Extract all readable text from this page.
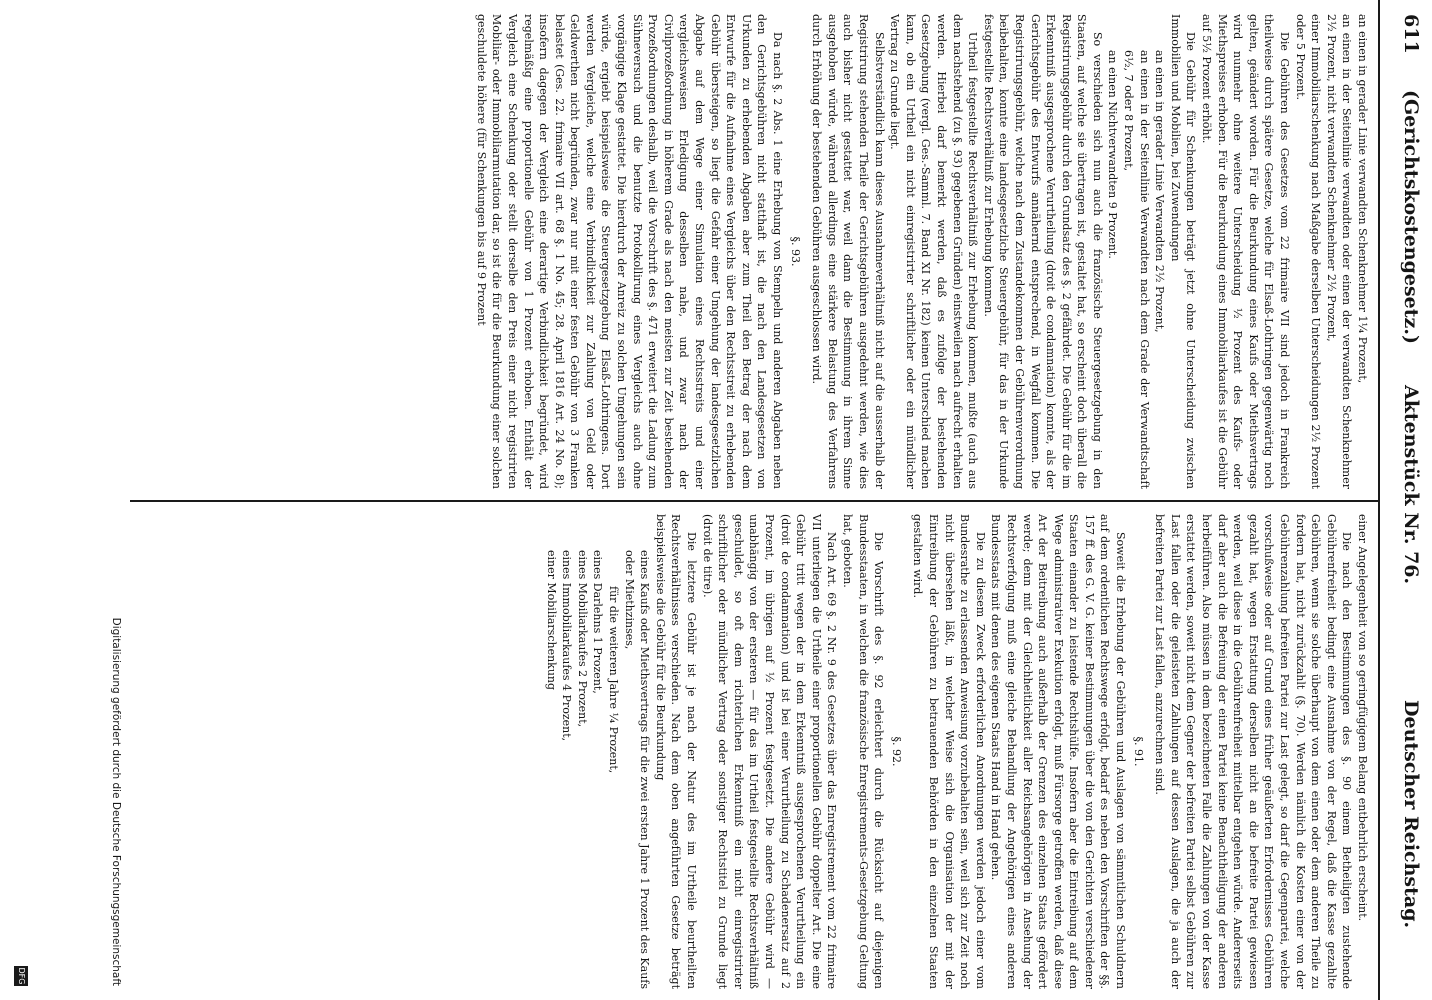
611
(Gerichtskostengesetz.)
Aktenstück Nr. 76.
Deutscher Reichstag.

an einen in gerader Linie verwandten Schenknehmer 1¼ Prozent,

an einen in der Seitenlinie verwandten oder einen der verwandten Schenknehmer 2½ Prozent, nicht verwandten Schenknehmer 2½ Prozent,

einer Immobiliarschenkung nach Maßgabe derselben Unterscheidungen 2½ Prozent oder 5 Prozent.

Die Gebühren des Gesetzes vom 22 frimaire VII sind jedoch in Frankreich theilweise durch spätere Gesetze, welche für Elsaß-Lothringen gegenwärtig noch gelten, geändert worden. Für die Beurkundung eines Kaufs oder Miethsvertrags wird nunmehr ohne weitere Unterscheidung ½ Prozent des Kaufs- oder Miethspreises erhoben. Für die Beurkundung eines Immobiliarkaufes ist die Gebühr auf 5½ Prozent erhöht.

Die Gebühr für Schenkungen beträgt jetzt ohne Unterscheidung zwischen Immobilien und Mobilien, bei Zuwendungen

an einen in gerader Linie Verwandten 2½ Prozent,

an einen in der Seitenlinie Verwandten nach dem Grade der Verwandtschaft 6½, 7 oder 8 Prozent,

an einen Nichtverwandten 9 Prozent.

So verschieden sich nun auch die französische Steuergesetzgebung in den Staaten, auf welche sie übertragen ist, gestaltet hat, so erscheint doch überall die Registrirungsgebühr durch den Grundsatz des §. 2 gefährdet. Die Gebühr für die im Erkenntniß ausgesprochene Verurtheilung (droit de condamnation) konnte, als der Gerichtsgebühr des Entwurfs annähernd entsprechend, in Wegfall kommen. Die Registrirungsgebühr, welche nach dem Zustandekommen der Gebührenverordnung beibehalten, konnte eine landesgesetzliche Steuergebühr, für das in der Urkunde festgestellte Rechtsverhältniß zur Erhebung kommen.

Urtheil festgestellte Rechtsverhältniß zur Erhebung kommen, mußte (auch aus dem nachstehend (zu §. 93) gegebenen Gründen) einstweilen nach aufrecht erhalten werden. Hierbei darf bemerkt werden, daß es zufolge der bestehenden Gesetzgebung (vergl. Ges.-Samml. 7. Band XI Nr. 182) keinen Unterschied machen kann, ob ein Urtheil ein nicht einregistrirter schriftlicher oder ein mündlicher Vertrag zu Grunde liegt.

Selbstverständlich kann dieses Ausnahmeverhältniß nicht auf die ausserhalb der Registrirung stehenden Theile der Gerichtsgebühren ausgedehnt werden, wie dies auch bisher nicht gestattet war, weil dann die Bestimmung in ihrem Sinne ausgehoben würde, während allerdings eine stärkere Belastung des Verfahrens durch Erhöhung der bestehenden Gebühren ausgeschlossen wird.

§. 93.

Da nach §. 2 Abs. 1 eine Erhebung von Stempeln und anderen Abgaben neben den Gerichtsgebühren nicht statthaft ist, die nach den Landesgesetzen von Urkunden zu erhebenden Abgaben aber zum Theil den Betrag der nach dem Entwurfe für die Aufnahme eines Vergleichs über den Rechtsstreit zu erhebenden Gebühr übersteigen, so liegt die Gefahr einer Umgehung der landesgesetzlichen Abgabe auf dem Wege einer Simulation eines Rechtsstreits und einer vergleichsweisen Erledigung desselben nahe, und zwar nach der Civilprozeßordnung in höherem Grade als nach den meisten zur Zeit bestehenden Prozeßordnungen deshalb, weil die Vorschrift des §. 471 erweitert die Ladung zum Sühneversuch und die benutzte Protokollirung eines Vergleichs auch ohne vorgängige Klage gestattet. Die hierdurch der Anreiz zu solchen Umgehungen sein würde, ergiebt beispielsweise die Steuergesetzgebung Elsaß-Lothringens. Dort werden Vergleiche, welche eine Verbindlichkeit zur Zahlung von Geld oder Geldwerthen nicht begründen, zwar nur mit einer festen Gebühr von 3 Franken belastet (Ges. 22. frimaire VII art. 68 §. 1 No. 45; 28. April 1816 Art. 24 No. 8); insofern dagegen der Vergleich eine derartige Verbindlichkeit begründet, wird regelmäßig eine proportionelle Gebühr von 1 Prozent erhoben. Enthält der Vergleich eine Schenkung oder stellt derselbe den Preis einer nicht registrirten Mobiliar- oder Immobiliarmutation dar, so ist die für die Beurkundung einer solchen geschuldete höhere (für Schenkungen bis auf 9 Prozent

einer Angelegenheit von so geringfügigem Belang entbehrlich erscheint.

Die nach den Bestimmungen des §. 90 einem Betheiligten zustehende Gebührenfreiheit bedingt eine Ausnahme von der Regel, daß die Kasse gezahlte Gebühren, wenn sie solche überhaupt von dem einen oder dem anderen Theile zu fordern hat, nicht zurückzahlt (§. 70). Werden nämlich die Kosten einer von der Gebührenzahlung befreiten Partei zur Last gelegt, so darf die Gegenpartei, welche vorschußweise oder auf Grund eines früher geäußerten Erfordernisses Gebühren gezahlt hat, wegen Erstattung derselben nicht an die befreite Partei gewiesen werden, weil diese in die Gebührenfreiheit mittelbar entgehen würde. Andererseits darf aber auch die Befreiung der einen Partei keine Benachtheiligung der anderen herbeiführen. Also müssen in dem bezeichneten Falle die Zahlungen von der Kasse erstattet werden, soweit nicht dem Gegner der befreiten Partei selbst Gebühren zur Last fallen oder die geleisteten Zahlungen auf dessen Auslagen, die ja auch der befreiten Partei zur Last fallen, anzurechnen sind.

§. 91.

Soweit die Erhebung der Gebühren und Auslagen von sämmtlichen Schuldnern auf dem ordentlichen Rechtswege erfolgt, bedarf es neben den Vorschriften der §§. 157 ff. des G. V. G. keiner Bestimmungen über die von den Gerichten verschiedener Staaten einander zu leistende Rechtshülfe. Insofern aber die Eintreibung auf dem Wege administrativer Exekution erfolgt, muß Fürsorge getroffen werden, daß diese Art der Beitreibung auch außerhalb der Grenzen des einzelnen Staats gefördert werde; denn mit der Gleichheitlichkeit aller Reichsangehörigen in Ansehung der Rechtsverfolgung muß eine gleiche Behandlung der Angehörigen eines anderen Bundesstaats mit denen des eigenen Staats Hand in Hand gehen.

Die zu diesem Zweck erforderlichen Anordnungen werden jedoch einer vom Bundesrathe zu erlassenden Anweisung vorzubehalten sein, weil sich zur Zeit noch nicht übersehen läßt, in welcher Weise sich die Organisation der mit der Eintreibung der Gebühren zu betrauenden Behörden in den einzelnen Staaten gestalten wird.

§. 92.

Die Vorschrift des §. 92 erleichtert durch die Rücksicht auf diejenigen Bundesstaaten, in welchen die französische Enregistrements-Gesetzgebung Geltung hat, geboten.

Nach Art. 69 §. 2 Nr. 9 des Gesetzes über das Enregistrement vom 22 frimaire VII unterliegen die Urtheile einer proportionellen Gebühr doppelter Art. Die eine Gebühr tritt wegen der in dem Erkenntniß ausgesprochenen Verurtheilung ein (droit de condamnation) und ist bei einer Verurtheilung zu Schadenersatz auf 2 Prozent, im übrigen auf ½ Prozent festgesetzt. Die andere Gebühr wird — unabhängig von der ersteren — für das im Urtheil festgestellte Rechtsverhältniß geschuldet, so oft dem richterlichen Erkenntniß ein nicht einregistrirter schriftlicher oder mündlicher Vertrag oder sonstiger Rechtstitel zu Grunde liegt (droit de titre).

Die letztere Gebühr ist je nach der Natur des im Urtheile beurtheilten Rechtsverhältnisses verschieden. Nach dem oben angeführten Gesetze beträgt beispielsweise die Gebühr für die Beurkundung

eines Kaufs oder Miethsvertrags für die zwei ersten Jahre 1 Prozent des Kaufs oder Miethzinses,

für die weiteren Jahre ¼ Prozent,

eines Darlehns 1 Prozent,

eines Mobiliarkaufes 2 Prozent,

eines Immobiliarkaufes 4 Prozent,

einer Mobiliarschenkung

Digitalisierung gefördert durch die Deutsche Forschungsgemeinschaft
DFG
